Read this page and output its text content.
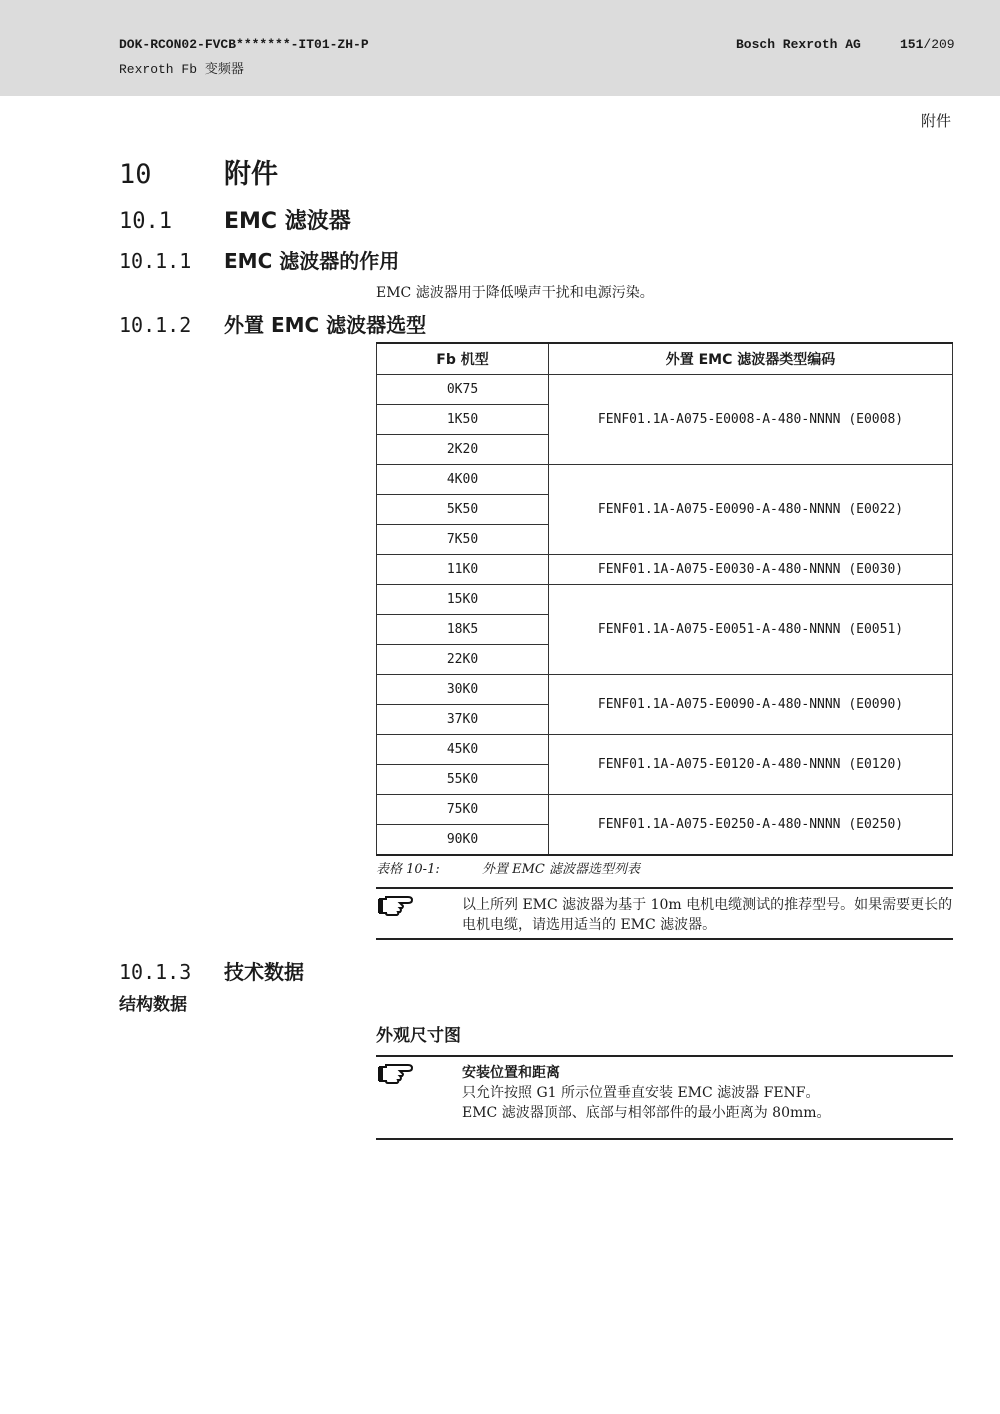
DOK-RCON02-FVCB*******-IT01-ZH-P
Rexroth Fb 变频器
Bosch Rexroth AG	151/209
附件
10	附件
10.1 EMC 滤波器
10.1.1 EMC 滤波器的作用
EMC 滤波器用于降低噪声干扰和电源污染。
10.1.2 外置 EMC 滤波器选型
Fb 机型	外置 EMC 滤波器类型编码
0K75	FENF01.1A-A075-E0008-A-480-NNNN (E0008)
1K50	
2K20	
4K00	FENF01.1A-A075-E0090-A-480-NNNN (E0022)
5K50	
7K50	
11K0	FENF01.1A-A075-E0030-A-480-NNNN (E0030)
15K0	FENF01.1A-A075-E0051-A-480-NNNN (E0051)
18K5	
22K0	
30K0	FENF01.1A-A075-E0090-A-480-NNNN (E0090)
37K0	
45K0	FENF01.1A-A075-E0120-A-480-NNNN (E0120)
55K0	
75K0	FENF01.1A-A075-E0250-A-480-NNNN (E0250)
90K0	
表格 10-1:	外置 EMC 滤波器选型列表
以上所列 EMC 滤波器为基于 10m 电机电缆测试的推荐型号。如果需要更长的电机电缆，请选用适当的 EMC 滤波器。
10.1.3 技术数据
结构数据
外观尺寸图
安装位置和距离
只允许按照 G1 所示位置垂直安装 EMC 滤波器 FENF。
EMC 滤波器顶部、底部与相邻部件的最小距离为 80mm。
